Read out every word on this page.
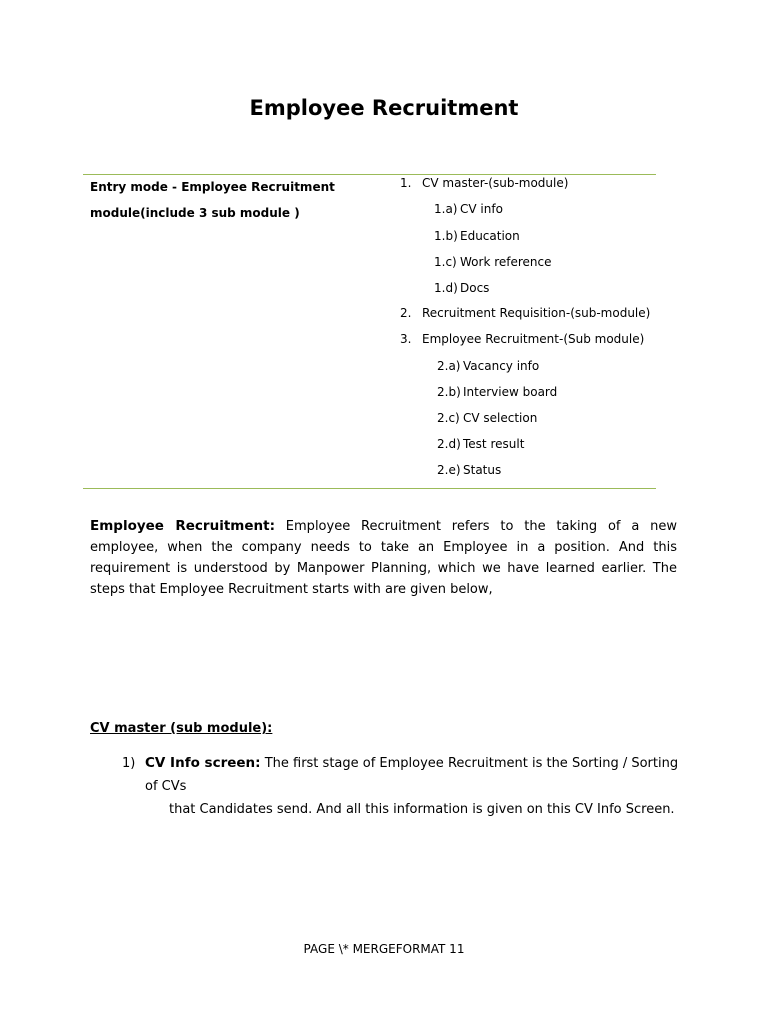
Employee Recruitment
Entry mode - Employee Recruitment
module(include 3 sub module )
1. CV master-(sub-module)
1.a) CV info
1.b) Education
1.c) Work reference
1.d) Docs
2. Recruitment Requisition-(sub-module)
3. Employee Recruitment-(Sub module)
2.a) Vacancy info
2.b) Interview board
2.c) CV selection
2.d) Test result
2.e) Status
Employee Recruitment: Employee Recruitment refers to the taking of a new employee, when the company needs to take an Employee in a position. And this requirement is understood by Manpower Planning, which we have learned earlier. The steps that Employee Recruitment starts with are given below,
CV master (sub module):
1) CV Info screen: The first stage of Employee Recruitment is the Sorting / Sorting of CVs
that Candidates send. And all this information is given on this CV Info Screen.
PAGE \* MERGEFORMAT 11
